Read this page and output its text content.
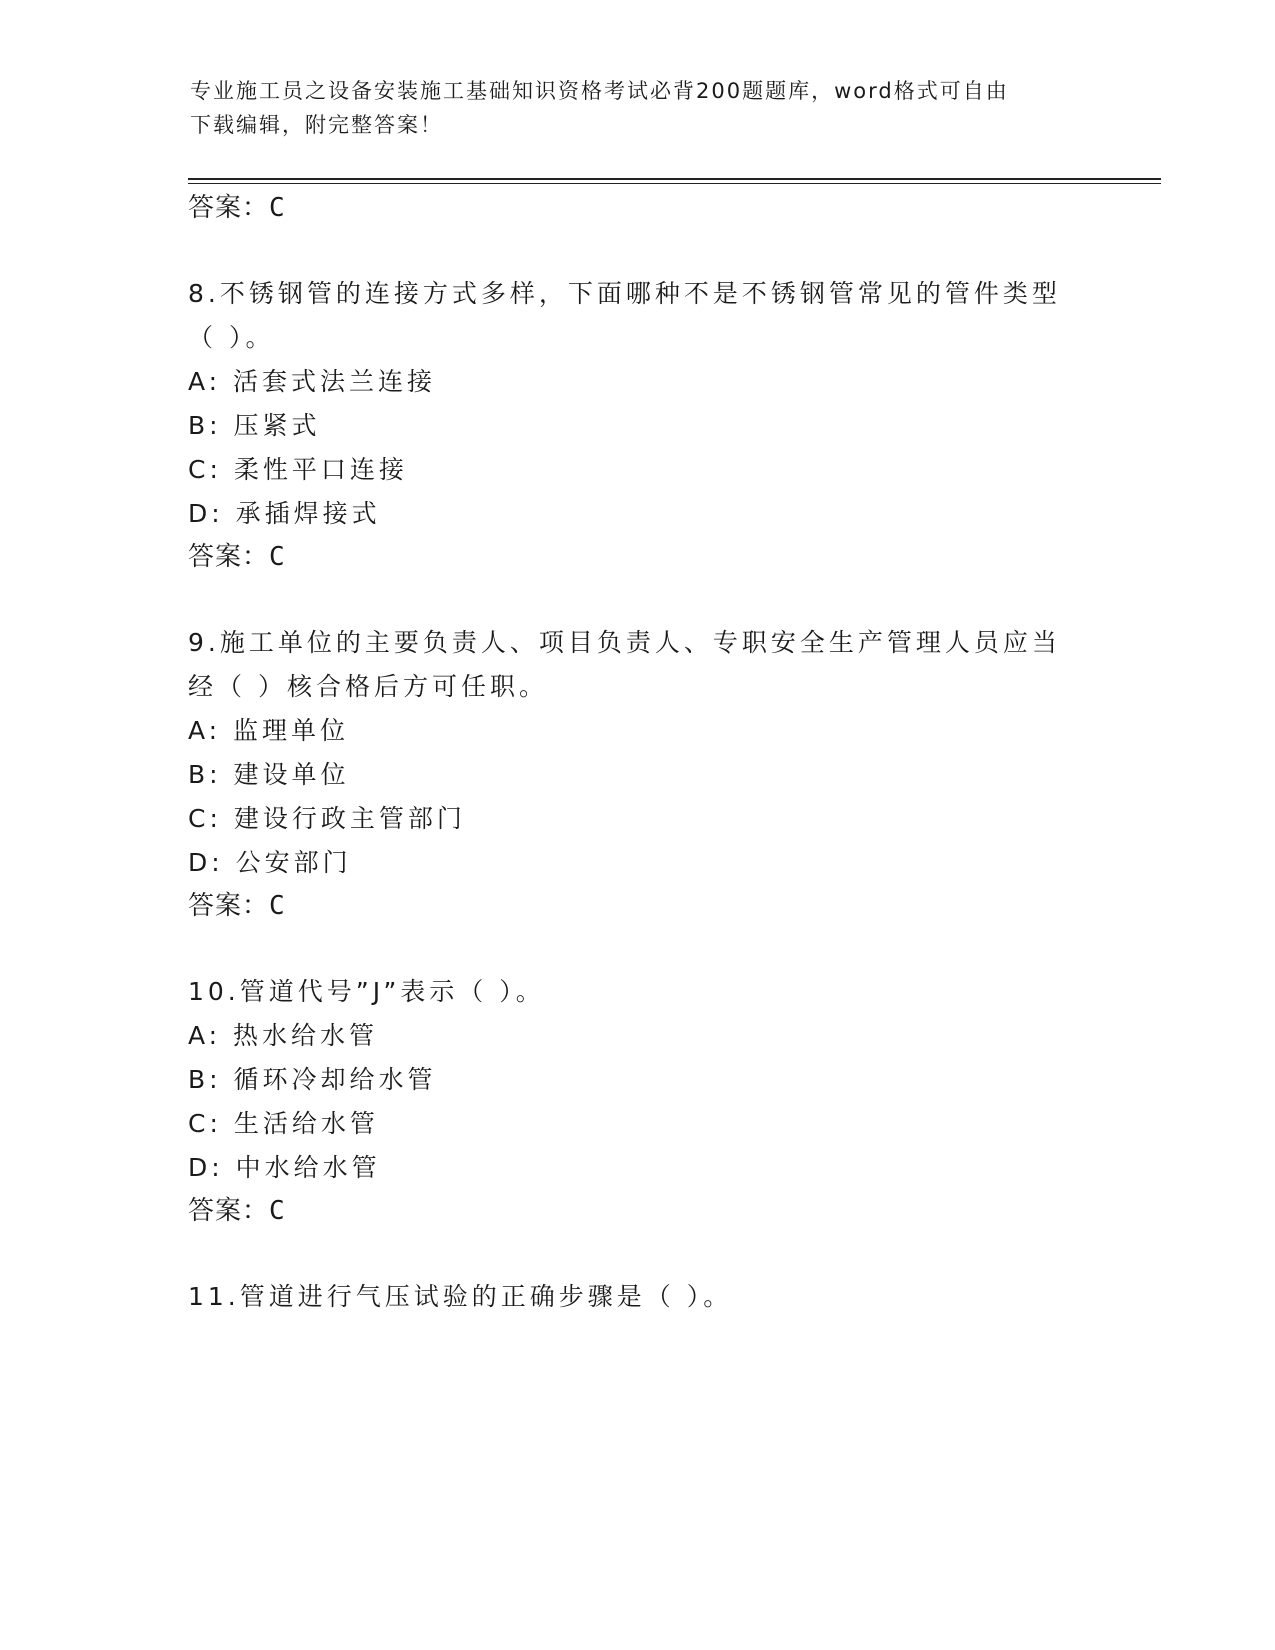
专业施工员之设备安装施工基础知识资格考试必背200题题库，word格式可自由
下载编辑，附完整答案！
答案：C
8.不锈钢管的连接方式多样，下面哪种不是不锈钢管常见的管件类型
（ ）。
A: 活套式法兰连接
B: 压紧式
C: 柔性平口连接
D: 承插焊接式
答案：C
9.施工单位的主要负责人、项目负责人、专职安全生产管理人员应当
经（ ）核合格后方可任职。
A: 监理单位
B: 建设单位
C: 建设行政主管部门
D: 公安部门
答案：C
10.管道代号”J”表示（ ）。
A: 热水给水管
B: 循环冷却给水管
C: 生活给水管
D: 中水给水管
答案：C
11.管道进行气压试验的正确步骤是（ ）。
